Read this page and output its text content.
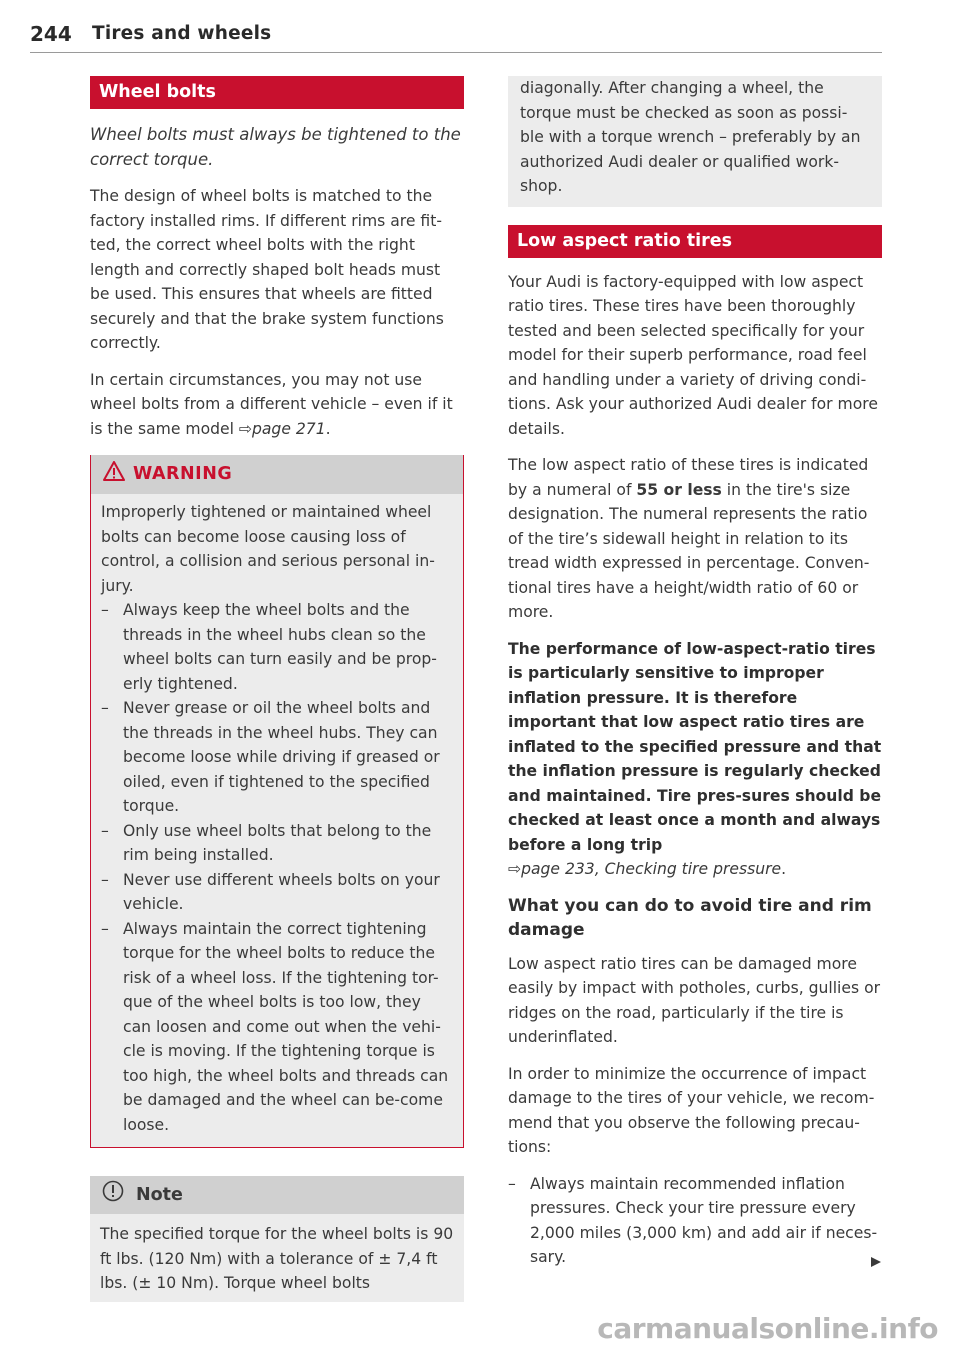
244 Tires and wheels
Wheel bolts

Wheel bolts must always be tightened to the correct torque.

The design of wheel bolts is matched to the factory installed rims. If different rims are fit-ted, the correct wheel bolts with the right length and correctly shaped bolt heads must be used. This ensures that wheels are fitted securely and that the brake system functions correctly.

In certain circumstances, you may not use wheel bolts from a different vehicle – even if it is the same model ⇨page 271.

WARNING

Improperly tightened or maintained wheel bolts can become loose causing loss of control, a collision and serious personal in-jury.

– Always keep the wheel bolts and the threads in the wheel hubs clean so the wheel bolts can turn easily and be prop-erly tightened.
– Never grease or oil the wheel bolts and the threads in the wheel hubs. They can become loose while driving if greased or oiled, even if tightened to the specified torque.
– Only use wheel bolts that belong to the rim being installed.
– Never use different wheels bolts on your vehicle.
– Always maintain the correct tightening torque for the wheel bolts to reduce the risk of a wheel loss. If the tightening tor-que of the wheel bolts is too low, they can loosen and come out when the vehi-cle is moving. If the tightening torque is too high, the wheel bolts and threads can be damaged and the wheel can be-come loose.
Note
The specified torque for the wheel bolts is 90 ft lbs. (120 Nm) with a tolerance of ± 7,4 ft lbs. (± 10 Nm). Torque wheel bolts
diagonally. After changing a wheel, the torque must be checked as soon as possi-ble with a torque wrench – preferably by an authorized Audi dealer or qualified work-shop.
Low aspect ratio tires

Your Audi is factory-equipped with low aspect ratio tires. These tires have been thoroughly tested and been selected specifically for your model for their superb performance, road feel and handling under a variety of driving condi-tions. Ask your authorized Audi dealer for more details.

The low aspect ratio of these tires is indicated by a numeral of 55 or less in the tire's size designation. The numeral represents the ratio of the tire’s sidewall height in relation to its tread width expressed in percentage. Conven-tional tires have a height/width ratio of 60 or more.

The performance of low-aspect-ratio tires is particularly sensitive to improper inflation pressure. It is therefore important that low aspect ratio tires are inflated to the specified pressure and that the inflation pressure is regularly checked and maintained. Tire pres-sures should be checked at least once a month and always before a long trip
⇨page 233, Checking tire pressure.

What you can do to avoid tire and rim damage

Low aspect ratio tires can be damaged more easily by impact with potholes, curbs, gullies or ridges on the road, particularly if the tire is underinflated.

In order to minimize the occurrence of impact damage to the tires of your vehicle, we recom-mend that you observe the following precau-tions:

– Always maintain recommended inflation pressures. Check your tire pressure every 2,000 miles (3,000 km) and add air if neces-sary.
carmanualsonline.info
